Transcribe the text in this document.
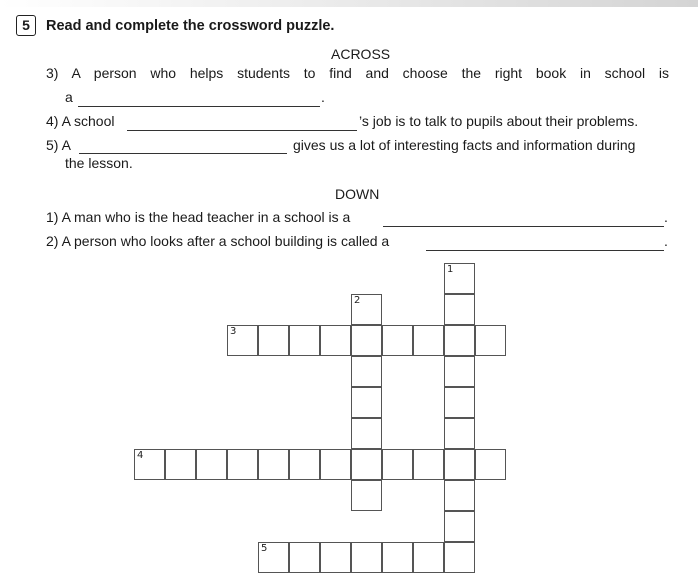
5	Read and complete the crossword puzzle.
ACROSS
3) A person who helps students to find and choose the right book in school is
a	.
4) A school	’s job is to talk to pupils about their problems.
5) A	gives us a lot of interesting facts and information during
the lesson.
DOWN
1) A man who is the head teacher in a school is a	.
2) A person who looks after a school building is called a	.
3
4
5
1
2
